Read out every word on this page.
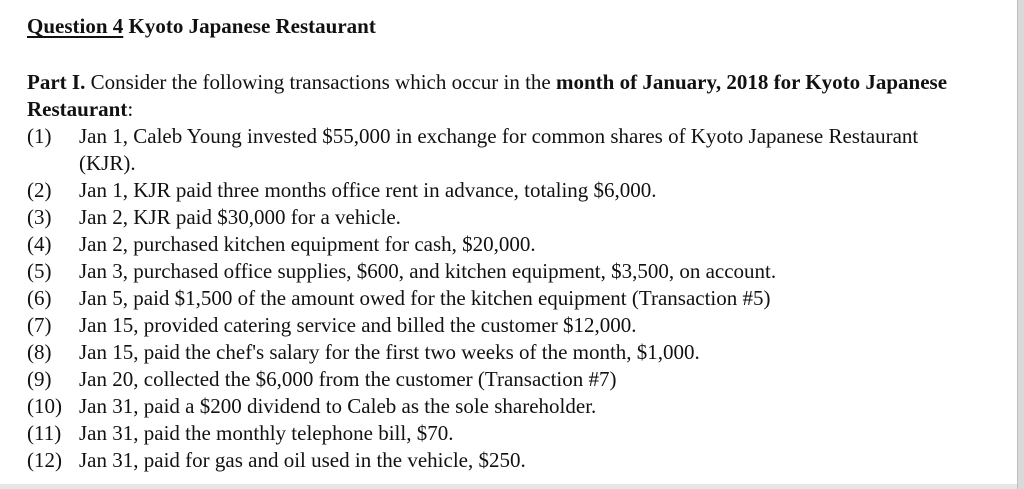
Question 4 Kyoto Japanese Restaurant
Part I. Consider the following transactions which occur in the month of January, 2018 for Kyoto Japanese Restaurant:
(1) Jan 1, Caleb Young invested $55,000 in exchange for common shares of Kyoto Japanese Restaurant (KJR).
(2) Jan 1, KJR paid three months office rent in advance, totaling $6,000.
(3) Jan 2, KJR paid $30,000 for a vehicle.
(4) Jan 2, purchased kitchen equipment for cash, $20,000.
(5) Jan 3, purchased office supplies, $600, and kitchen equipment, $3,500, on account.
(6) Jan 5, paid $1,500 of the amount owed for the kitchen equipment (Transaction #5)
(7) Jan 15, provided catering service and billed the customer $12,000.
(8) Jan 15, paid the chef's salary for the first two weeks of the month, $1,000.
(9) Jan 20, collected the $6,000 from the customer (Transaction #7)
(10) Jan 31, paid a $200 dividend to Caleb as the sole shareholder.
(11) Jan 31, paid the monthly telephone bill, $70.
(12) Jan 31, paid for gas and oil used in the vehicle, $250.
